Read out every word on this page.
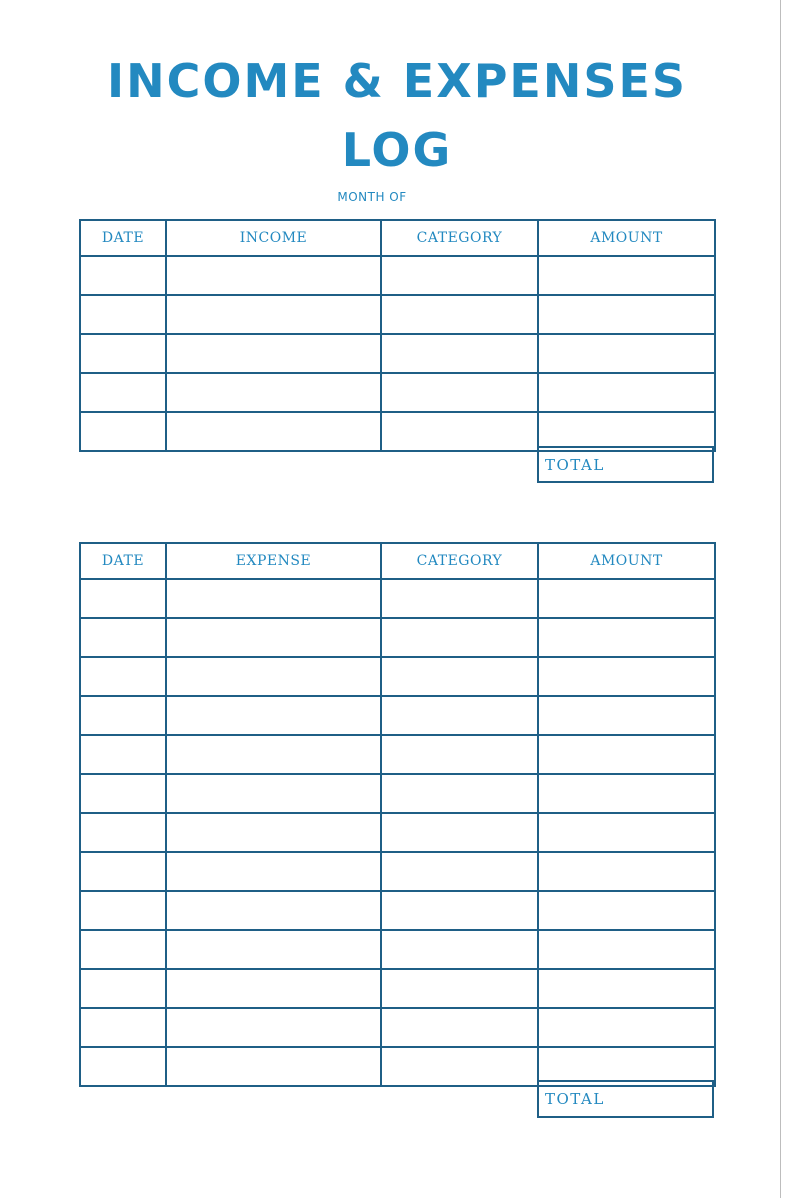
INCOME & EXPENSES
LOG
MONTH OF
DATE	INCOME	CATEGORY	AMOUNT

TOTAL
DATE	EXPENSE	CATEGORY	AMOUNT

TOTAL
